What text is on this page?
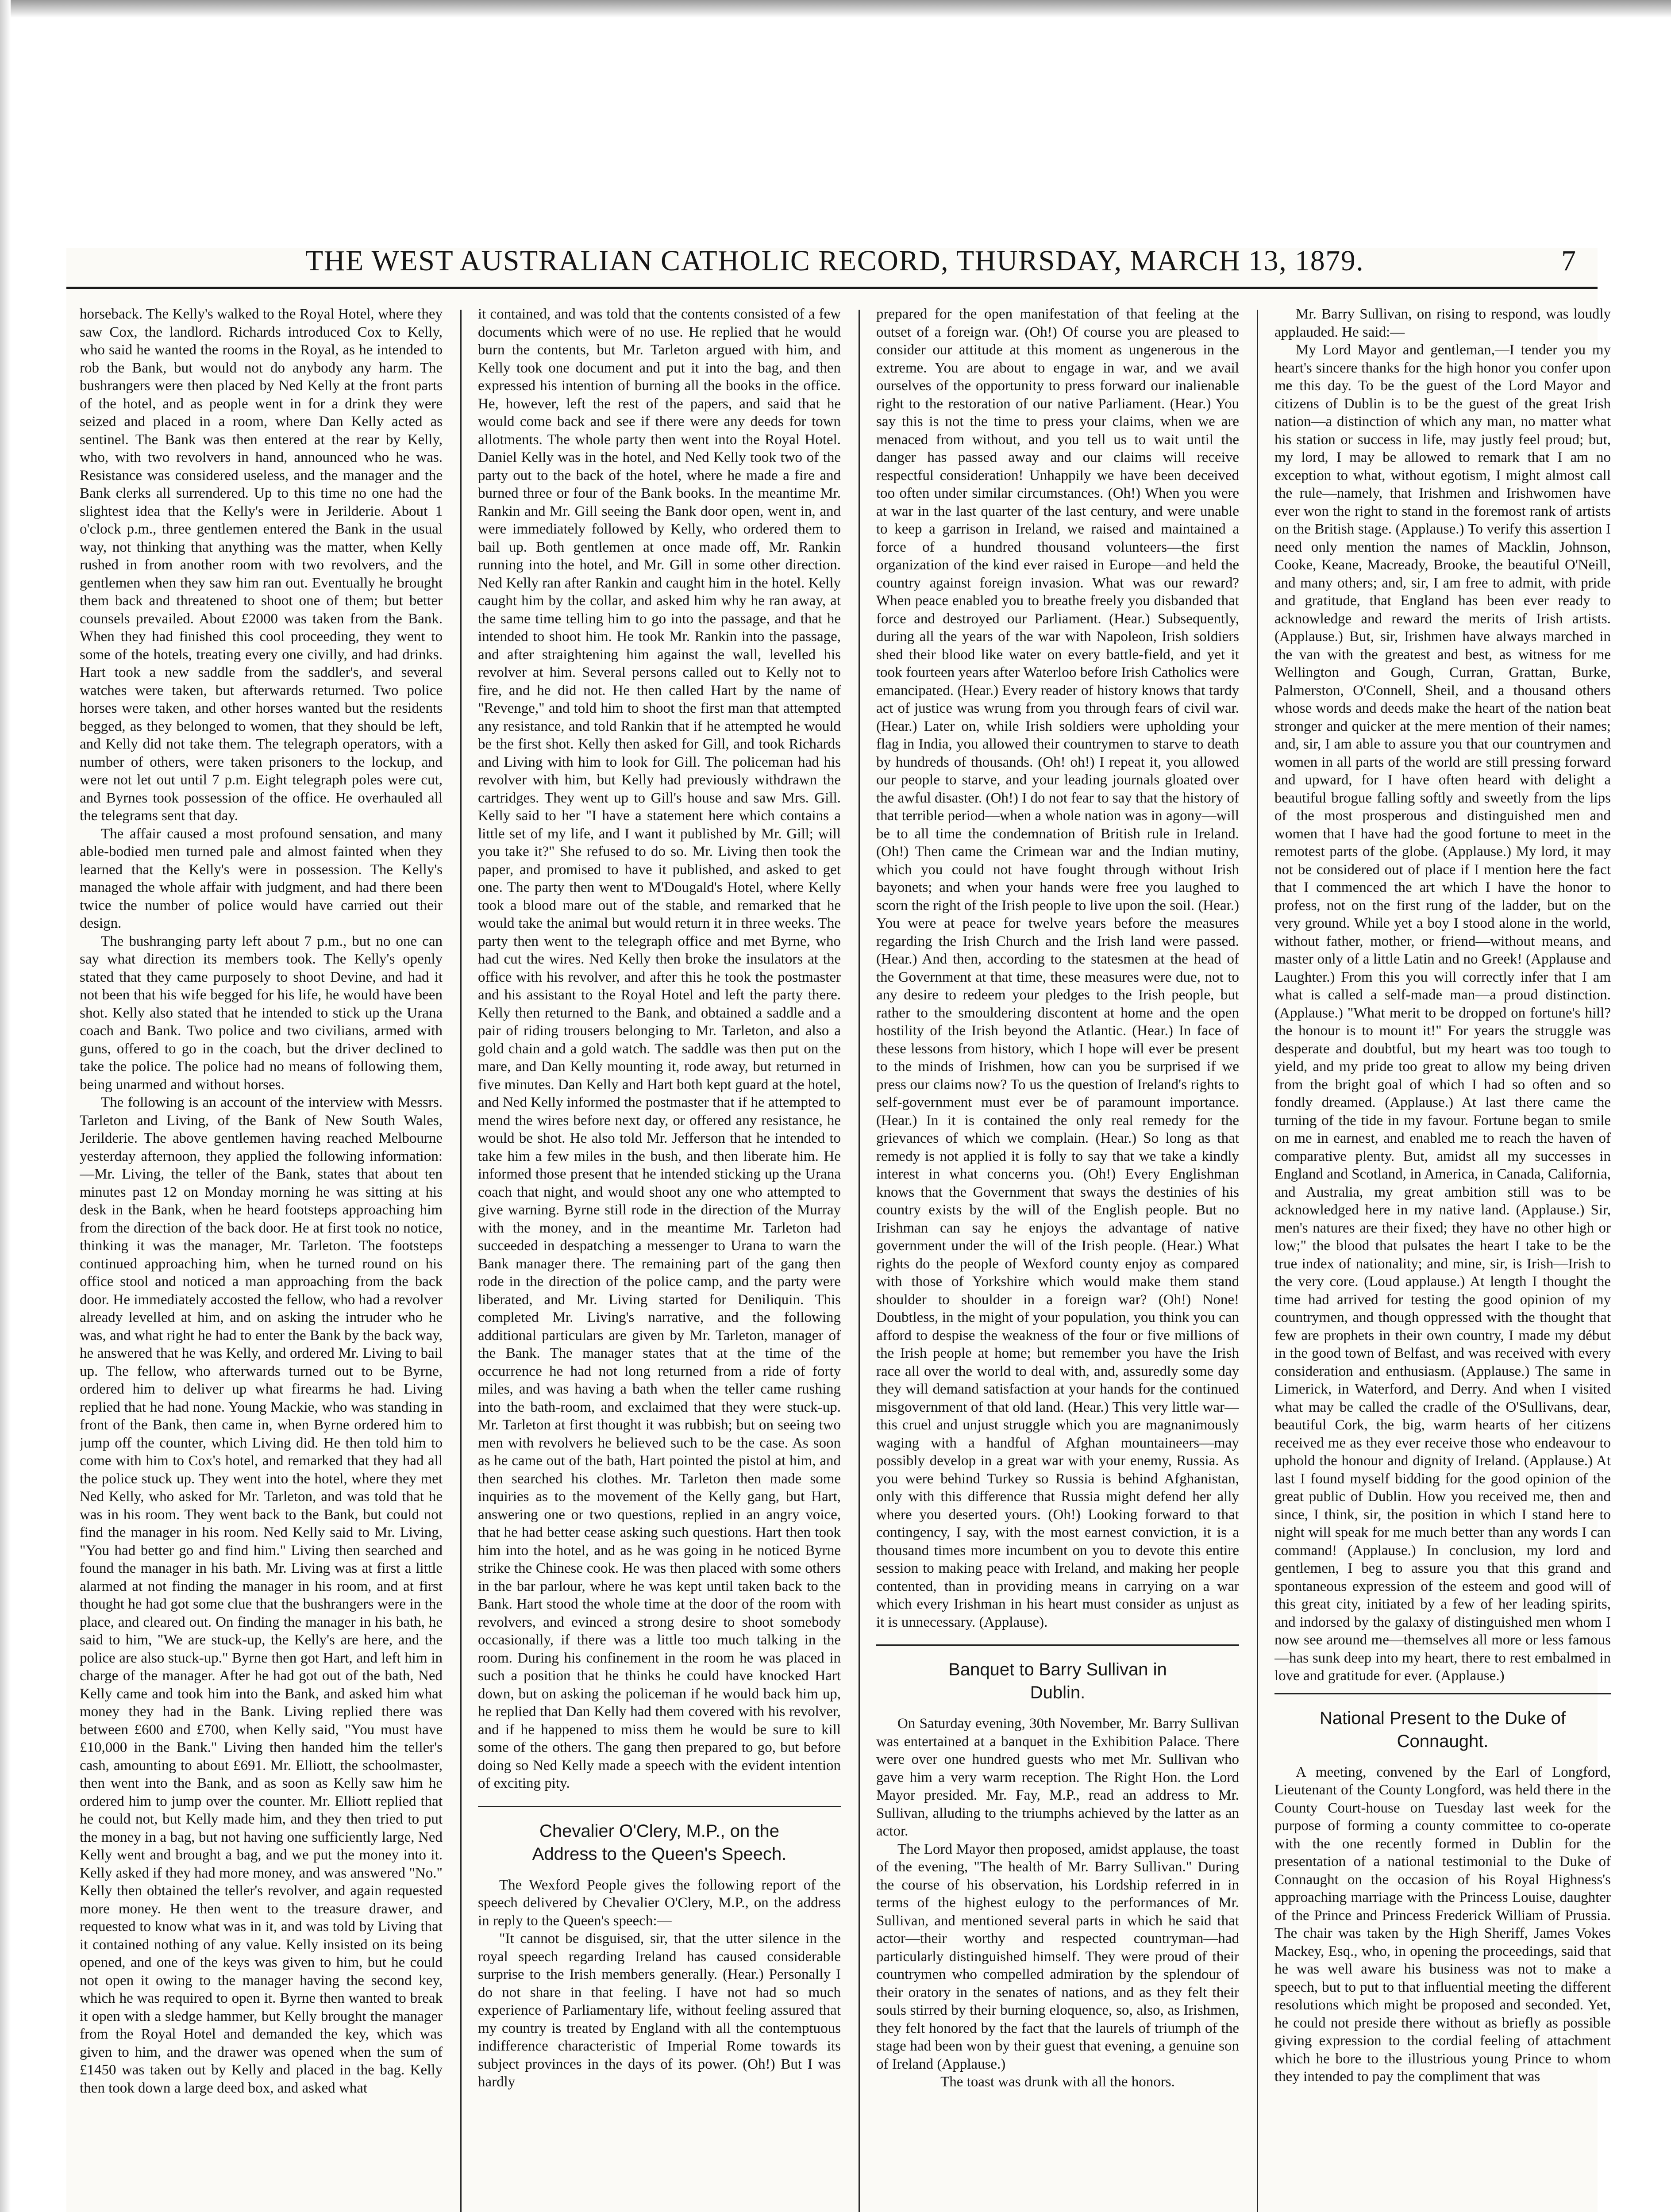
THE WEST AUSTRALIAN CATHOLIC RECORD, THURSDAY, MARCH 13, 1879.	7

horseback. The Kelly's walked to the Royal Hotel, where they saw Cox, the landlord. Richards introduced Cox to Kelly, who said he wanted the rooms in the Royal, as he intended to rob the Bank, but would not do anybody any harm. The bushrangers were then placed by Ned Kelly at the front parts of the hotel, and as people went in for a drink they were seized and placed in a room, where Dan Kelly acted as sentinel. The Bank was then entered at the rear by Kelly, who, with two revolvers in hand, announced who he was. Resistance was considered useless, and the manager and the Bank clerks all surrendered. Up to this time no one had the slightest idea that the Kelly's were in Jerilderie. About 1 o'clock p.m., three gentlemen entered the Bank in the usual way, not thinking that anything was the matter, when Kelly rushed in from another room with two revolvers, and the gentlemen when they saw him ran out. Eventually he brought them back and threatened to shoot one of them; but better counsels prevailed. About £2000 was taken from the Bank. When they had finished this cool proceeding, they went to some of the hotels, treating every one civilly, and had drinks. Hart took a new saddle from the saddler's, and several watches were taken, but afterwards returned. Two police horses were taken, and other horses wanted but the residents begged, as they belonged to women, that they should be left, and Kelly did not take them. The telegraph operators, with a number of others, were taken prisoners to the lockup, and were not let out until 7 p.m. Eight telegraph poles were cut, and Byrnes took possession of the office. He overhauled all the telegrams sent that day.

The affair caused a most profound sensation, and many able-bodied men turned pale and almost fainted when they learned that the Kelly's were in possession. The Kelly's managed the whole affair with judgment, and had there been twice the number of police would have carried out their design.

The bushranging party left about 7 p.m., but no one can say what direction its members took. The Kelly's openly stated that they came purposely to shoot Devine, and had it not been that his wife begged for his life, he would have been shot. Kelly also stated that he intended to stick up the Urana coach and Bank. Two police and two civilians, armed with guns, offered to go in the coach, but the driver declined to take the police. The police had no means of following them, being unarmed and without horses.

The following is an account of the interview with Messrs. Tarleton and Living, of the Bank of New South Wales, Jerilderie. The above gentlemen having reached Melbourne yesterday afternoon, they applied the following information:—Mr. Living, the teller of the Bank, states that about ten minutes past 12 on Monday morning he was sitting at his desk in the Bank, when he heard footsteps approaching him from the direction of the back door. He at first took no notice, thinking it was the manager, Mr. Tarleton. The footsteps continued approaching him, when he turned round on his office stool and noticed a man approaching from the back door. He immediately accosted the fellow, who had a revolver already levelled at him, and on asking the intruder who he was, and what right he had to enter the Bank by the back way, he answered that he was Kelly, and ordered Mr. Living to bail up. The fellow, who afterwards turned out to be Byrne, ordered him to deliver up what firearms he had. Living replied that he had none. Young Mackie, who was standing in front of the Bank, then came in, when Byrne ordered him to jump off the counter, which Living did. He then told him to come with him to Cox's hotel, and remarked that they had all the police stuck up. They went into the hotel, where they met Ned Kelly, who asked for Mr. Tarleton, and was told that he was in his room. They went back to the Bank, but could not find the manager in his room. Ned Kelly said to Mr. Living, "You had better go and find him." Living then searched and found the manager in his bath. Mr. Living was at first a little alarmed at not finding the manager in his room, and at first thought he had got some clue that the bushrangers were in the place, and cleared out. On finding the manager in his bath, he said to him, "We are stuck-up, the Kelly's are here, and the police are also stuck-up." Byrne then got Hart, and left him in charge of the manager. After he had got out of the bath, Ned Kelly came and took him into the Bank, and asked him what money they had in the Bank. Living replied there was between £600 and £700, when Kelly said, "You must have £10,000 in the Bank." Living then handed him the teller's cash, amounting to about £691. Mr. Elliott, the schoolmaster, then went into the Bank, and as soon as Kelly saw him he ordered him to jump over the counter. Mr. Elliott replied that he could not, but Kelly made him, and they then tried to put the money in a bag, but not having one sufficiently large, Ned Kelly went and brought a bag, and we put the money into it. Kelly asked if they had more money, and was answered "No." Kelly then obtained the teller's revolver, and again requested more money. He then went to the treasure drawer, and requested to know what was in it, and was told by Living that it contained nothing of any value. Kelly insisted on its being opened, and one of the keys was given to him, but he could not open it owing to the manager having the second key, which he was required to open it. Byrne then wanted to break it open with a sledge hammer, but Kelly brought the manager from the Royal Hotel and demanded the key, which was given to him, and the drawer was opened when the sum of £1450 was taken out by Kelly and placed in the bag. Kelly then took down a large deed box, and asked what

it contained, and was told that the contents consisted of a few documents which were of no use. He replied that he would burn the contents, but Mr. Tarleton argued with him, and Kelly took one document and put it into the bag, and then expressed his intention of burning all the books in the office. He, however, left the rest of the papers, and said that he would come back and see if there were any deeds for town allotments. The whole party then went into the Royal Hotel. Daniel Kelly was in the hotel, and Ned Kelly took two of the party out to the back of the hotel, where he made a fire and burned three or four of the Bank books. In the meantime Mr. Rankin and Mr. Gill seeing the Bank door open, went in, and were immediately followed by Kelly, who ordered them to bail up. Both gentlemen at once made off, Mr. Rankin running into the hotel, and Mr. Gill in some other direction. Ned Kelly ran after Rankin and caught him in the hotel. Kelly caught him by the collar, and asked him why he ran away, at the same time telling him to go into the passage, and that he intended to shoot him. He took Mr. Rankin into the passage, and after straightening him against the wall, levelled his revolver at him. Several persons called out to Kelly not to fire, and he did not. He then called Hart by the name of "Revenge," and told him to shoot the first man that attempted any resistance, and told Rankin that if he attempted he would be the first shot. Kelly then asked for Gill, and took Richards and Living with him to look for Gill. The policeman had his revolver with him, but Kelly had previously withdrawn the cartridges. They went up to Gill's house and saw Mrs. Gill. Kelly said to her "I have a statement here which contains a little set of my life, and I want it published by Mr. Gill; will you take it?" She refused to do so. Mr. Living then took the paper, and promised to have it published, and asked to get one. The party then went to M'Dougald's Hotel, where Kelly took a blood mare out of the stable, and remarked that he would take the animal but would return it in three weeks. The party then went to the telegraph office and met Byrne, who had cut the wires. Ned Kelly then broke the insulators at the office with his revolver, and after this he took the postmaster and his assistant to the Royal Hotel and left the party there. Kelly then returned to the Bank, and obtained a saddle and a pair of riding trousers belonging to Mr. Tarleton, and also a gold chain and a gold watch. The saddle was then put on the mare, and Dan Kelly mounting it, rode away, but returned in five minutes. Dan Kelly and Hart both kept guard at the hotel, and Ned Kelly informed the postmaster that if he attempted to mend the wires before next day, or offered any resistance, he would be shot. He also told Mr. Jefferson that he intended to take him a few miles in the bush, and then liberate him. He informed those present that he intended sticking up the Urana coach that night, and would shoot any one who attempted to give warning. Byrne still rode in the direction of the Murray with the money, and in the meantime Mr. Tarleton had succeeded in despatching a messenger to Urana to warn the Bank manager there. The remaining part of the gang then rode in the direction of the police camp, and the party were liberated, and Mr. Living started for Deniliquin. This completed Mr. Living's narrative, and the following additional particulars are given by Mr. Tarleton, manager of the Bank. The manager states that at the time of the occurrence he had not long returned from a ride of forty miles, and was having a bath when the teller came rushing into the bath-room, and exclaimed that they were stuck-up. Mr. Tarleton at first thought it was rubbish; but on seeing two men with revolvers he believed such to be the case. As soon as he came out of the bath, Hart pointed the pistol at him, and then searched his clothes. Mr. Tarleton then made some inquiries as to the movement of the Kelly gang, but Hart, answering one or two questions, replied in an angry voice, that he had better cease asking such questions. Hart then took him into the hotel, and as he was going in he noticed Byrne strike the Chinese cook. He was then placed with some others in the bar parlour, where he was kept until taken back to the Bank. Hart stood the whole time at the door of the room with revolvers, and evinced a strong desire to shoot somebody occasionally, if there was a little too much talking in the room. During his confinement in the room he was placed in such a position that he thinks he could have knocked Hart down, but on asking the policeman if he would back him up, he replied that Dan Kelly had them covered with his revolver, and if he happened to miss them he would be sure to kill some of the others. The gang then prepared to go, but before doing so Ned Kelly made a speech with the evident intention of exciting pity.

Chevalier O'Clery, M.P., on the
Address to the Queen's Speech.

The Wexford People gives the following report of the speech delivered by Chevalier O'Clery, M.P., on the address in reply to the Queen's speech:—

"It cannot be disguised, sir, that the utter silence in the royal speech regarding Ireland has caused considerable surprise to the Irish members generally. (Hear.) Personally I do not share in that feeling. I have not had so much experience of Parliamentary life, without feeling assured that my country is treated by England with all the contemptuous indifference characteristic of Imperial Rome towards its subject provinces in the days of its power. (Oh!) But I was hardly

prepared for the open manifestation of that feeling at the outset of a foreign war. (Oh!) Of course you are pleased to consider our attitude at this moment as ungenerous in the extreme. You are about to engage in war, and we avail ourselves of the opportunity to press forward our inalienable right to the restoration of our native Parliament. (Hear.) You say this is not the time to press your claims, when we are menaced from without, and you tell us to wait until the danger has passed away and our claims will receive respectful consideration! Unhappily we have been deceived too often under similar circumstances. (Oh!) When you were at war in the last quarter of the last century, and were unable to keep a garrison in Ireland, we raised and maintained a force of a hundred thousand volunteers—the first organization of the kind ever raised in Europe—and held the country against foreign invasion. What was our reward? When peace enabled you to breathe freely you disbanded that force and destroyed our Parliament. (Hear.) Subsequently, during all the years of the war with Napoleon, Irish soldiers shed their blood like water on every battle-field, and yet it took fourteen years after Waterloo before Irish Catholics were emancipated. (Hear.) Every reader of history knows that tardy act of justice was wrung from you through fears of civil war. (Hear.) Later on, while Irish soldiers were upholding your flag in India, you allowed their countrymen to starve to death by hundreds of thousands. (Oh! oh!) I repeat it, you allowed our people to starve, and your leading journals gloated over the awful disaster. (Oh!) I do not fear to say that the history of that terrible period—when a whole nation was in agony—will be to all time the condemnation of British rule in Ireland. (Oh!) Then came the Crimean war and the Indian mutiny, which you could not have fought through without Irish bayonets; and when your hands were free you laughed to scorn the right of the Irish people to live upon the soil. (Hear.) You were at peace for twelve years before the measures regarding the Irish Church and the Irish land were passed. (Hear.) And then, according to the statesmen at the head of the Government at that time, these measures were due, not to any desire to redeem your pledges to the Irish people, but rather to the smouldering discontent at home and the open hostility of the Irish beyond the Atlantic. (Hear.) In face of these lessons from history, which I hope will ever be present to the minds of Irishmen, how can you be surprised if we press our claims now? To us the question of Ireland's rights to self-government must ever be of paramount importance. (Hear.) In it is contained the only real remedy for the grievances of which we complain. (Hear.) So long as that remedy is not applied it is folly to say that we take a kindly interest in what concerns you. (Oh!) Every Englishman knows that the Government that sways the destinies of his country exists by the will of the English people. But no Irishman can say he enjoys the advantage of native government under the will of the Irish people. (Hear.) What rights do the people of Wexford county enjoy as compared with those of Yorkshire which would make them stand shoulder to shoulder in a foreign war? (Oh!) None! Doubtless, in the might of your population, you think you can afford to despise the weakness of the four or five millions of the Irish people at home; but remember you have the Irish race all over the world to deal with, and, assuredly some day they will demand satisfaction at your hands for the continued misgovernment of that old land. (Hear.) This very little war—this cruel and unjust struggle which you are magnanimously waging with a handful of Afghan mountaineers—may possibly develop in a great war with your enemy, Russia. As you were behind Turkey so Russia is behind Afghanistan, only with this difference that Russia might defend her ally where you deserted yours. (Oh!) Looking forward to that contingency, I say, with the most earnest conviction, it is a thousand times more incumbent on you to devote this entire session to making peace with Ireland, and making her people contented, than in providing means in carrying on a war which every Irishman in his heart must consider as unjust as it is unnecessary. (Applause).

Banquet to Barry Sullivan in
Dublin.

On Saturday evening, 30th November, Mr. Barry Sullivan was entertained at a banquet in the Exhibition Palace. There were over one hundred guests who met Mr. Sullivan who gave him a very warm reception. The Right Hon. the Lord Mayor presided. Mr. Fay, M.P., read an address to Mr. Sullivan, alluding to the triumphs achieved by the latter as an actor.

The Lord Mayor then proposed, amidst applause, the toast of the evening, "The health of Mr. Barry Sullivan." During the course of his observation, his Lordship referred in in terms of the highest eulogy to the performances of Mr. Sullivan, and mentioned several parts in which he said that actor—their worthy and respected countryman—had particularly distinguished himself. They were proud of their countrymen who compelled admiration by the splendour of their oratory in the senates of nations, and as they felt their souls stirred by their burning eloquence, so, also, as Irishmen, they felt honored by the fact that the laurels of triumph of the stage had been won by their guest that evening, a genuine son of Ireland (Applause.)

The toast was drunk with all the honors.

Mr. Barry Sullivan, on rising to respond, was loudly applauded. He said:—

My Lord Mayor and gentleman,—I tender you my heart's sincere thanks for the high honor you confer upon me this day. To be the guest of the Lord Mayor and citizens of Dublin is to be the guest of the great Irish nation—a distinction of which any man, no matter what his station or success in life, may justly feel proud; but, my lord, I may be allowed to remark that I am no exception to what, without egotism, I might almost call the rule—namely, that Irishmen and Irishwomen have ever won the right to stand in the foremost rank of artists on the British stage. (Applause.) To verify this assertion I need only mention the names of Macklin, Johnson, Cooke, Keane, Macready, Brooke, the beautiful O'Neill, and many others; and, sir, I am free to admit, with pride and gratitude, that England has been ever ready to acknowledge and reward the merits of Irish artists. (Applause.) But, sir, Irishmen have always marched in the van with the greatest and best, as witness for me Wellington and Gough, Curran, Grattan, Burke, Palmerston, O'Connell, Sheil, and a thousand others whose words and deeds make the heart of the nation beat stronger and quicker at the mere mention of their names; and, sir, I am able to assure you that our countrymen and women in all parts of the world are still pressing forward and upward, for I have often heard with delight a beautiful brogue falling softly and sweetly from the lips of the most prosperous and distinguished men and women that I have had the good fortune to meet in the remotest parts of the globe. (Applause.) My lord, it may not be considered out of place if I mention here the fact that I commenced the art which I have the honor to profess, not on the first rung of the ladder, but on the very ground. While yet a boy I stood alone in the world, without father, mother, or friend—without means, and master only of a little Latin and no Greek! (Applause and Laughter.) From this you will correctly infer that I am what is called a self-made man—a proud distinction. (Applause.) "What merit to be dropped on fortune's hill? the honour is to mount it!" For years the struggle was desperate and doubtful, but my heart was too tough to yield, and my pride too great to allow my being driven from the bright goal of which I had so often and so fondly dreamed. (Applause.) At last there came the turning of the tide in my favour. Fortune began to smile on me in earnest, and enabled me to reach the haven of comparative plenty. But, amidst all my successes in England and Scotland, in America, in Canada, California, and Australia, my great ambition still was to be acknowledged here in my native land. (Applause.) Sir, men's natures are their fixed; they have no other high or low;" the blood that pulsates the heart I take to be the true index of nationality; and mine, sir, is Irish—Irish to the very core. (Loud applause.) At length I thought the time had arrived for testing the good opinion of my countrymen, and though oppressed with the thought that few are prophets in their own country, I made my début in the good town of Belfast, and was received with every consideration and enthusiasm. (Applause.) The same in Limerick, in Waterford, and Derry. And when I visited what may be called the cradle of the O'Sullivans, dear, beautiful Cork, the big, warm hearts of her citizens received me as they ever receive those who endeavour to uphold the honour and dignity of Ireland. (Applause.) At last I found myself bidding for the good opinion of the great public of Dublin. How you received me, then and since, I think, sir, the position in which I stand here to night will speak for me much better than any words I can command! (Applause.) In conclusion, my lord and gentlemen, I beg to assure you that this grand and spontaneous expression of the esteem and good will of this great city, initiated by a few of her leading spirits, and indorsed by the galaxy of distinguished men whom I now see around me—themselves all more or less famous—has sunk deep into my heart, there to rest embalmed in love and gratitude for ever. (Applause.)

National Present to the Duke of
Connaught.

A meeting, convened by the Earl of Longford, Lieutenant of the County Longford, was held there in the County Court-house on Tuesday last week for the purpose of forming a county committee to co-operate with the one recently formed in Dublin for the presentation of a national testimonial to the Duke of Connaught on the occasion of his Royal Highness's approaching marriage with the Princess Louise, daughter of the Prince and Princess Frederick William of Prussia. The chair was taken by the High Sheriff, James Vokes Mackey, Esq., who, in opening the proceedings, said that he was well aware his business was not to make a speech, but to put to that influential meeting the different resolutions which might be proposed and seconded. Yet, he could not preside there without as briefly as possible giving expression to the cordial feeling of attachment which he bore to the illustrious young Prince to whom they intended to pay the compliment that was
